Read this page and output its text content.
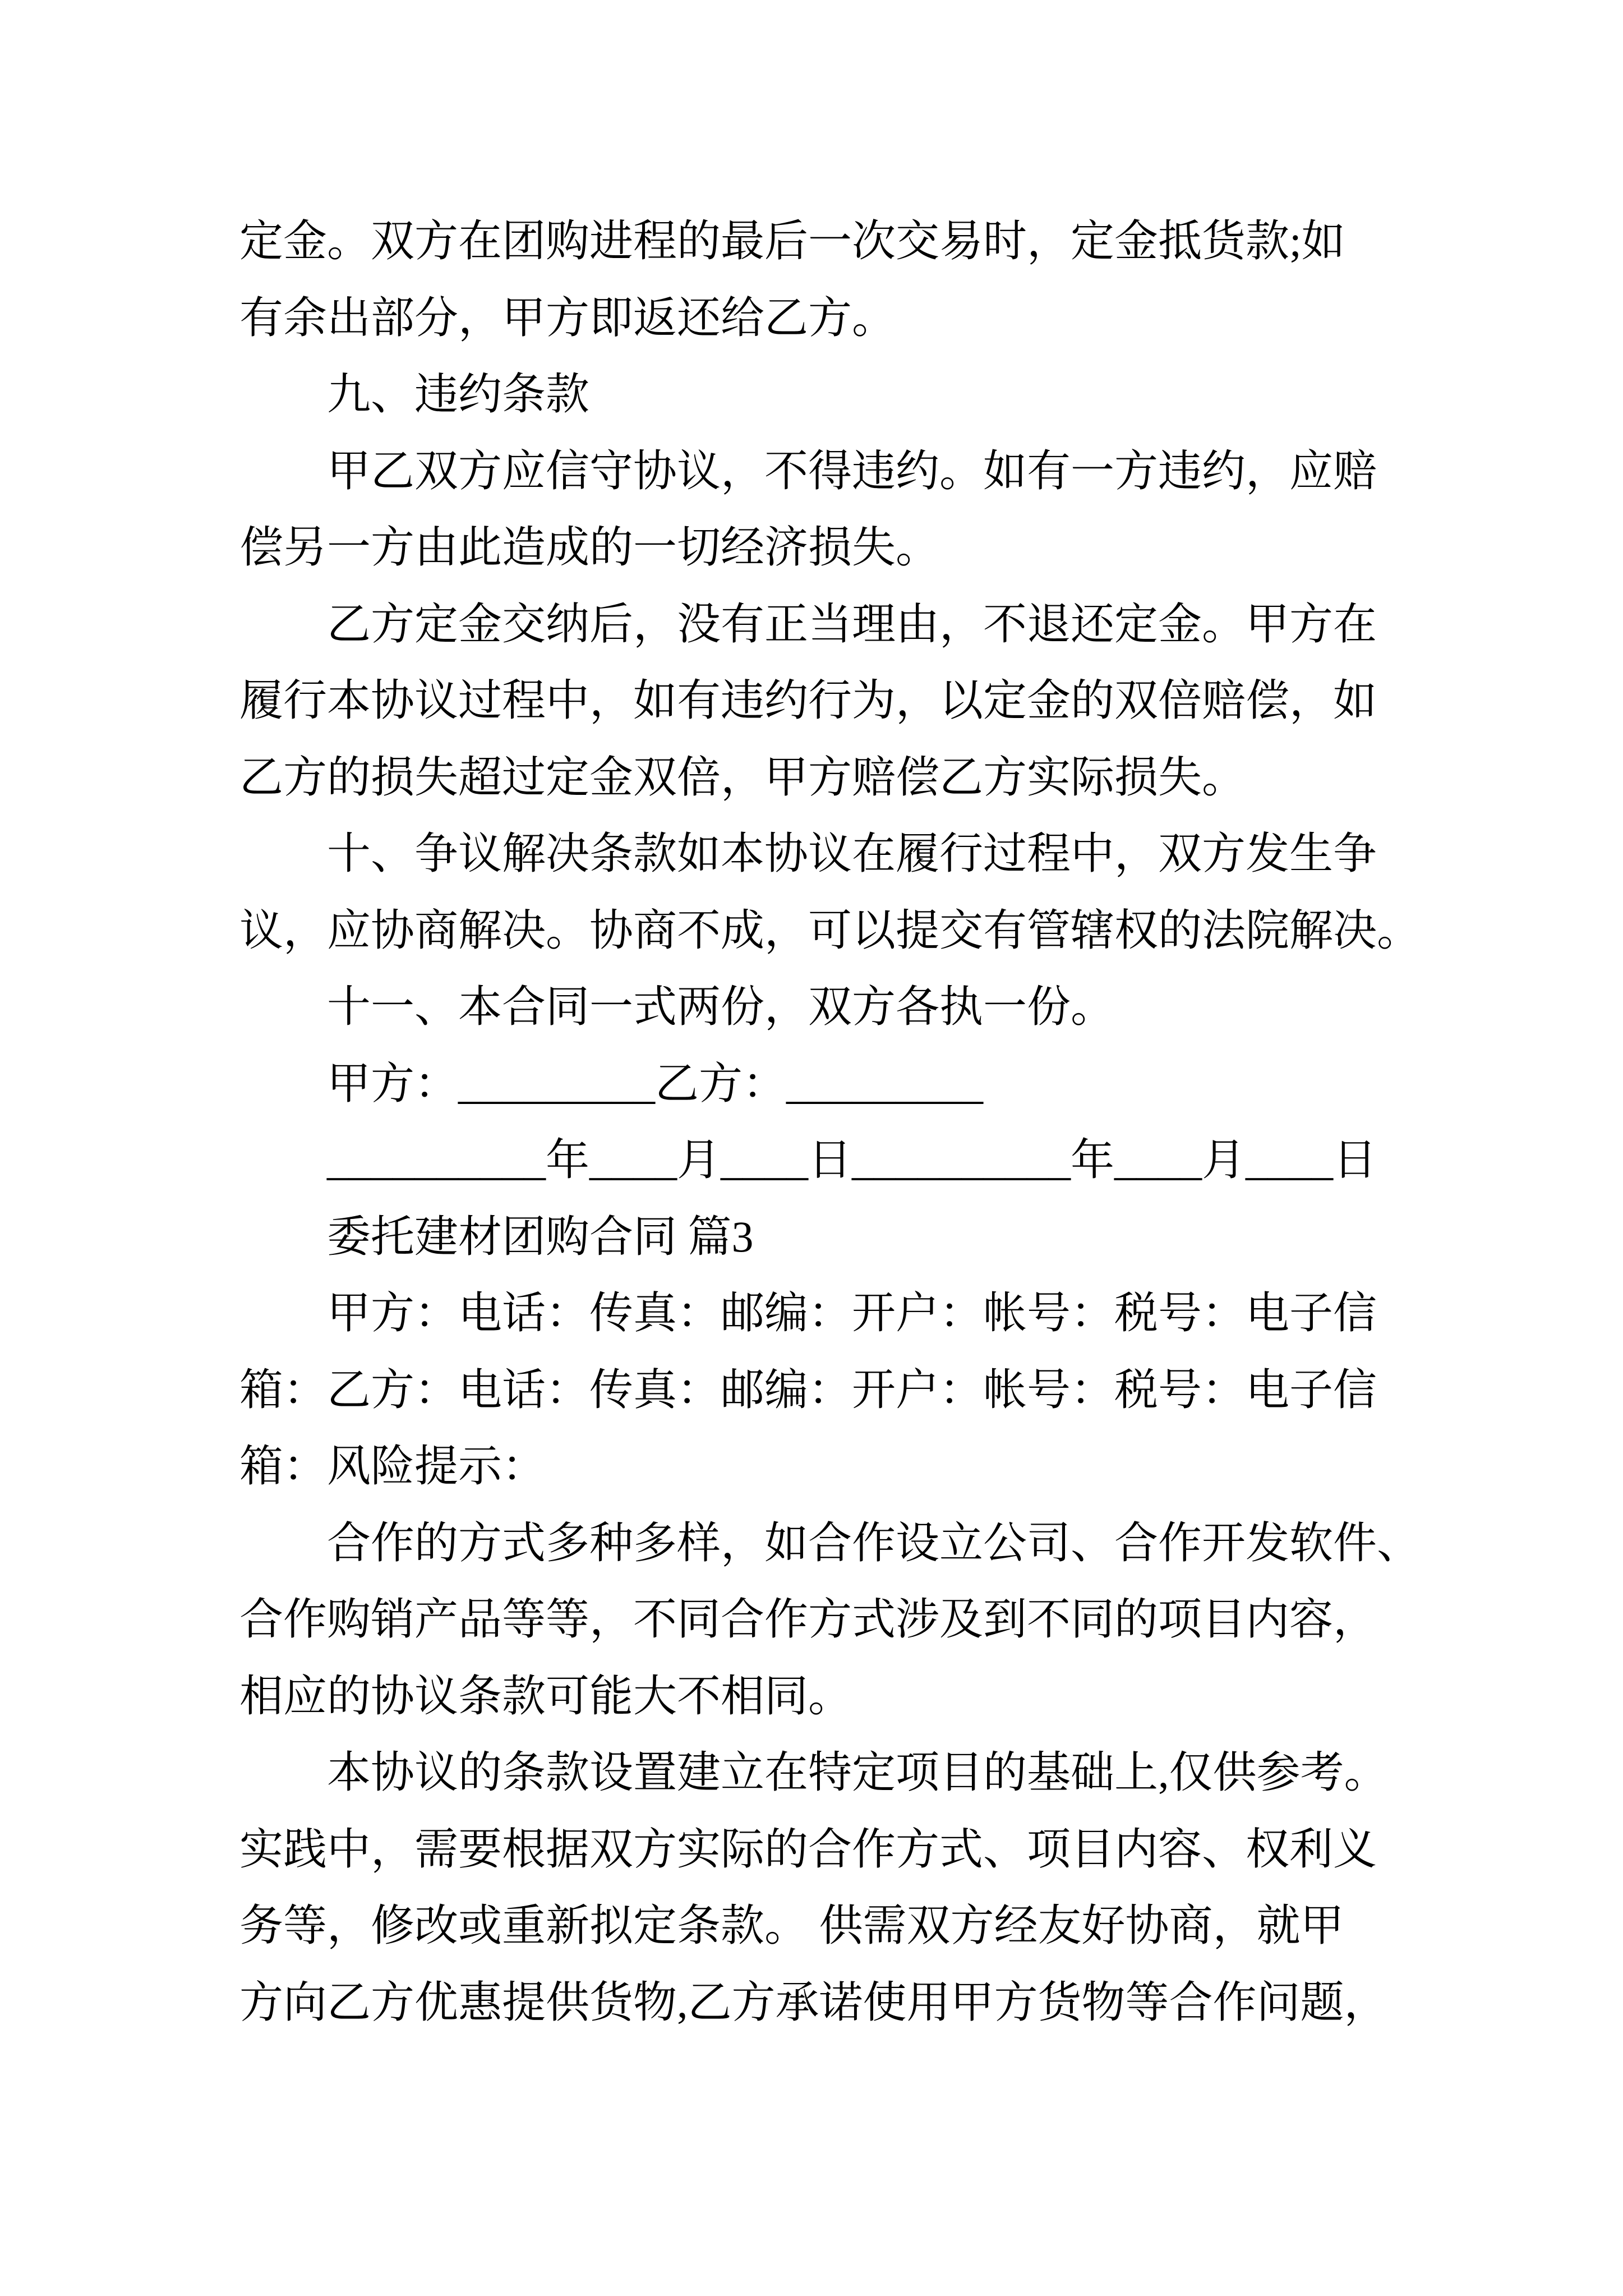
定金。双方在团购进程的最后一次交易时，定金抵货款;如
有余出部分，甲方即返还给乙方。
九、违约条款
甲乙双方应信守协议，不得违约。如有一方违约，应赔
偿另一方由此造成的一切经济损失。
乙方定金交纳后，没有正当理由，不退还定金。甲方在
履行本协议过程中，如有违约行为，以定金的双倍赔偿，如
乙方的损失超过定金双倍，甲方赔偿乙方实际损失。
十、争议解决条款如本协议在履行过程中，双方发生争
议，应协商解决。协商不成，可以提交有管辖权的法院解决。
十一、本合同一式两份，双方各执一份。
甲方：_________乙方：_________
__________年____月____日__________年____月____日
委托建材团购合同 篇3
甲方：电话：传真：邮编：开户：帐号：税号：电子信
箱：乙方：电话：传真：邮编：开户：帐号：税号：电子信
箱：风险提示：
合作的方式多种多样，如合作设立公司、合作开发软件、
合作购销产品等等，不同合作方式涉及到不同的项目内容，
相应的协议条款可能大不相同。
本协议的条款设置建立在特定项目的基础上,仅供参考。
实践中，需要根据双方实际的合作方式、项目内容、权利义
务等，修改或重新拟定条款。 供需双方经友好协商，就甲
方向乙方优惠提供货物,乙方承诺使用甲方货物等合作问题，
